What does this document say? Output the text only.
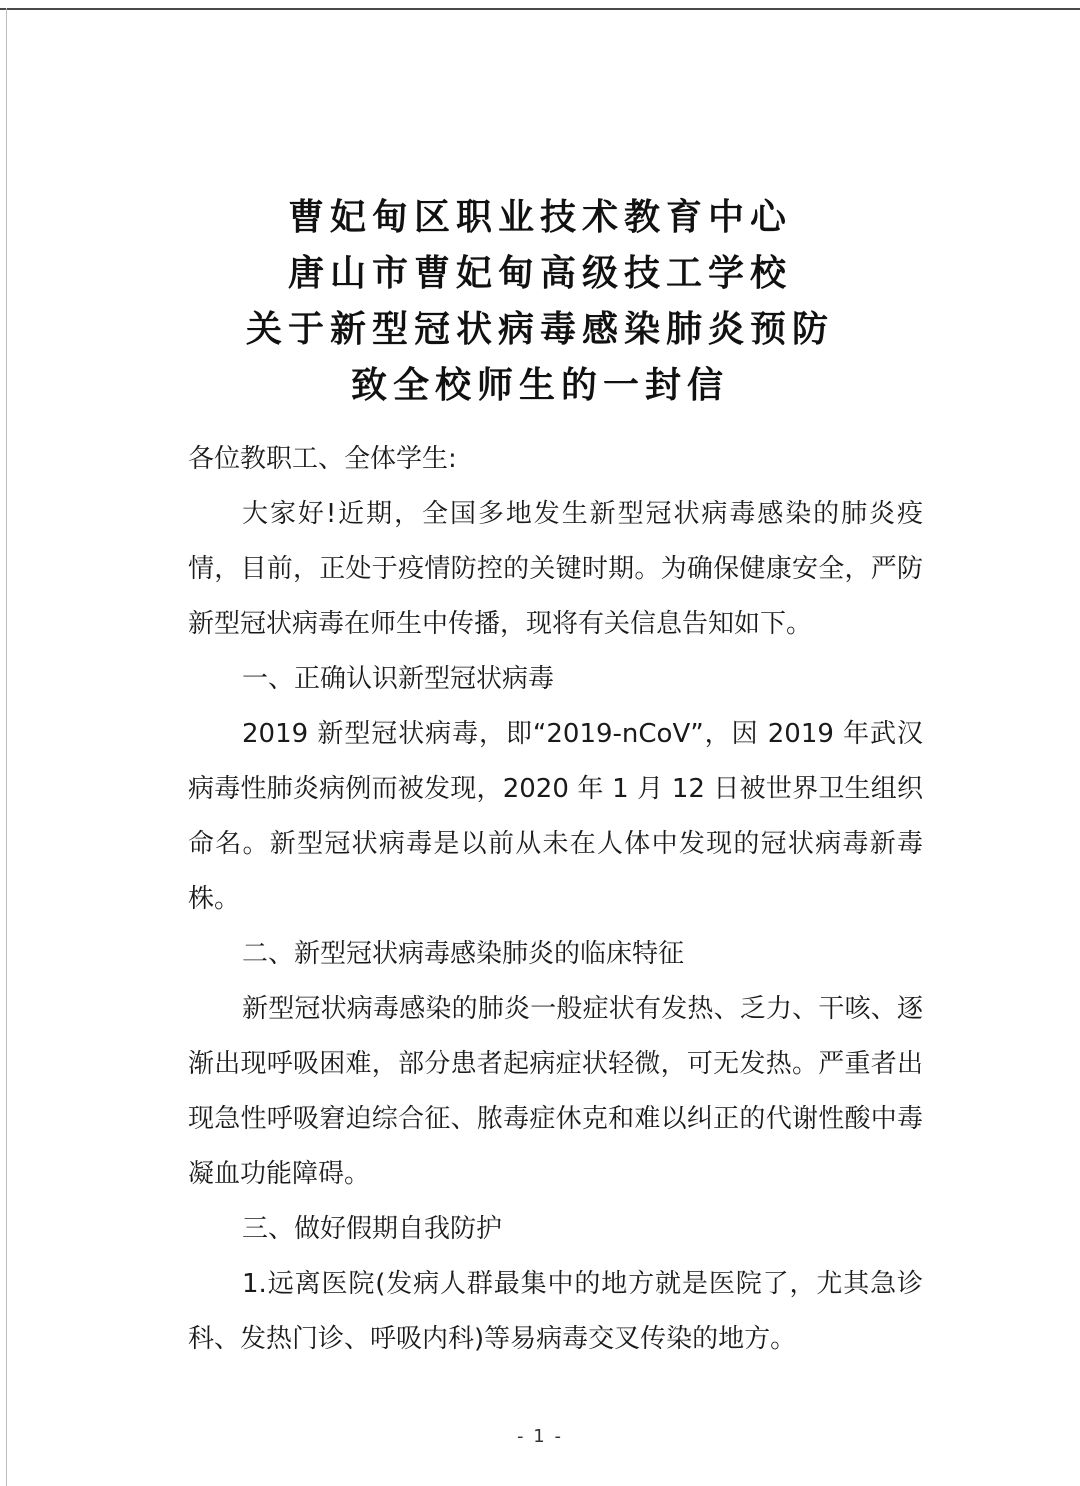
曹妃甸区职业技术教育中心
唐山市曹妃甸高级技工学校
关于新型冠状病毒感染肺炎预防
致全校师生的一封信

各位教职工、全体学生:

大家好!近期，全国多地发生新型冠状病毒感染的肺炎疫情，目前，正处于疫情防控的关键时期。为确保健康安全，严防新型冠状病毒在师生中传播，现将有关信息告知如下。

一、正确认识新型冠状病毒

2019 新型冠状病毒，即“2019-nCoV”，因 2019 年武汉病毒性肺炎病例而被发现，2020 年 1 月 12 日被世界卫生组织命名。新型冠状病毒是以前从未在人体中发现的冠状病毒新毒株。

二、新型冠状病毒感染肺炎的临床特征

新型冠状病毒感染的肺炎一般症状有发热、乏力、干咳、逐渐出现呼吸困难，部分患者起病症状轻微，可无发热。严重者出现急性呼吸窘迫综合征、脓毒症休克和难以纠正的代谢性酸中毒凝血功能障碍。

三、做好假期自我防护

1.远离医院(发病人群最集中的地方就是医院了，尤其急诊科、发热门诊、呼吸内科)等易病毒交叉传染的地方。

- 1 -
